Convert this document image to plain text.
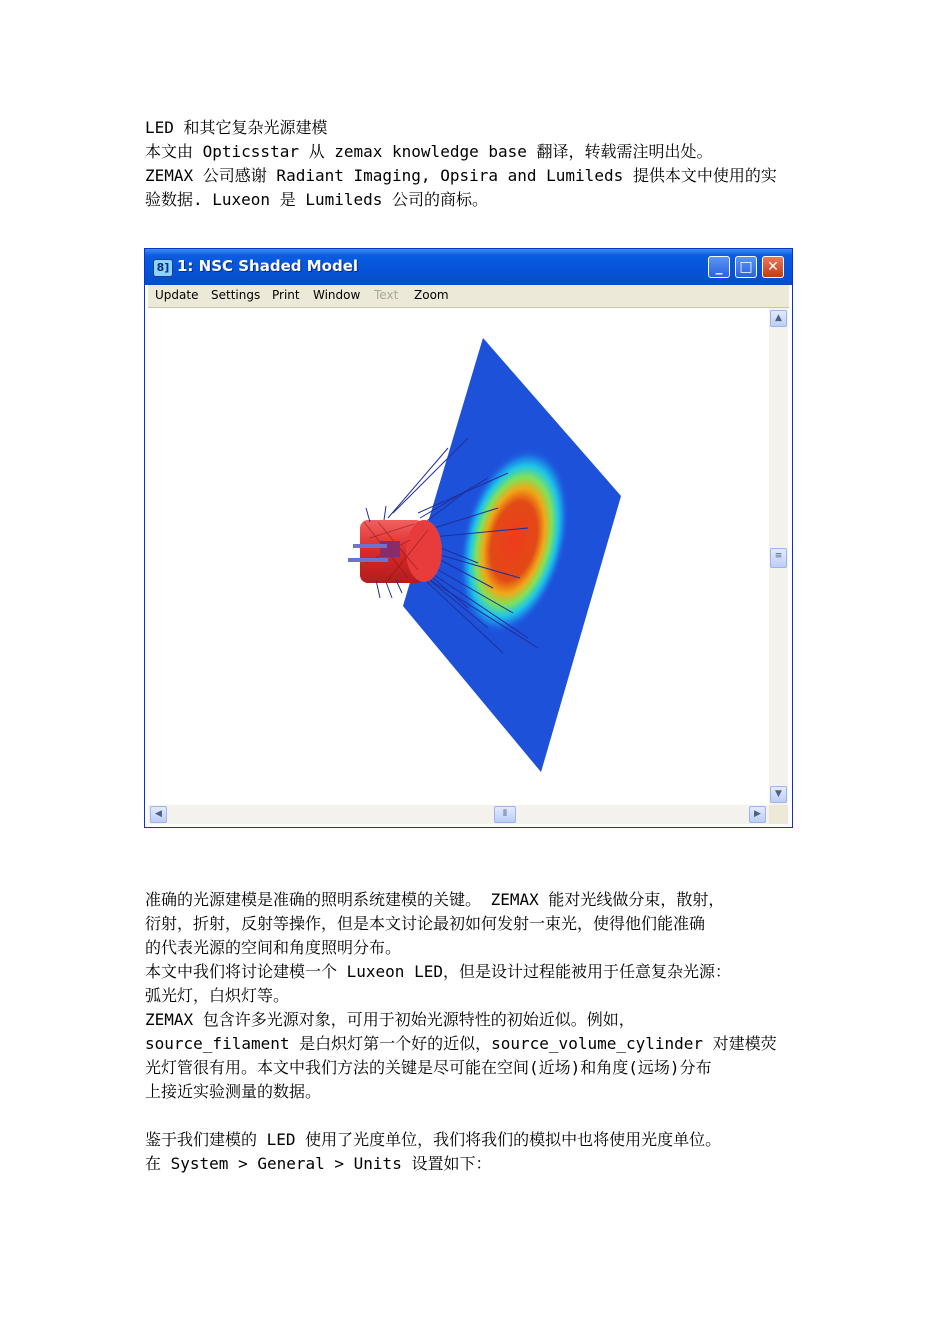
LED 和其它复杂光源建模

本文由 Opticsstar 从 zemax knowledge base 翻译，转载需注明出处。

ZEMAX 公司感谢 Radiant Imaging, Opsira and Lumileds 提供本文中使用的实

验数据. Luxeon 是 Lumileds 公司的商标。

8] 1: NSC Shaded Model	_	□	✕
Update Settings Print Window Text Zoom
▲
≡
▼
◀	⦀	▶

准确的光源建模是准确的照明系统建模的关键。 ZEMAX 能对光线做分束，散射，

衍射，折射，反射等操作，但是本文讨论最初如何发射一束光，使得他们能准确

的代表光源的空间和角度照明分布。

本文中我们将讨论建模一个 Luxeon LED，但是设计过程能被用于任意复杂光源：

弧光灯，白炽灯等。

ZEMAX 包含许多光源对象，可用于初始光源特性的初始近似。例如，

source_filament 是白炽灯第一个好的近似，source_volume_cylinder 对建模荧

光灯管很有用。本文中我们方法的关键是尽可能在空间(近场)和角度(远场)分布

上接近实验测量的数据。

鉴于我们建模的 LED 使用了光度单位，我们将我们的模拟中也将使用光度单位。

在 System > General > Units 设置如下：
